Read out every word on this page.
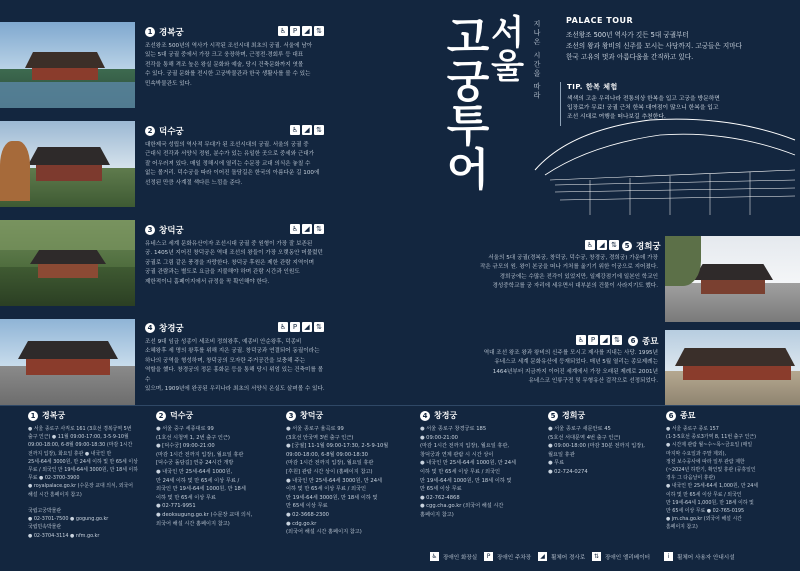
1 경복궁	♿ P	◢ ⇅
조선왕조 500년의 역사가 시작된 조선시대 최초의 궁궐. 서울에 남아
있는 5대 궁궐 중에서 가장 크고 웅장하며, 근정전·경회루 등 대표
전각을 통해 격조 높은 왕실 문화와 예술, 당시 건축문화까지 엿볼
수 있다. 궁궐 문화를 전시한 고궁박물관과 한국 생활사를 볼 수 있는
민속박물관도 있다.
2 덕수궁	♿ ◢ ⇅
대한제국 성립의 역사적 무대가 된 조선시대의 궁궐. 서울의 궁궐 중
근대식 전각과 서양식 정원, 분수가 있는 유일한 곳으로 중세와 근대가
잘 어우러져 있다. 매일 정해시에 열리는 수문장 교대 의식은 놓칠 수
없는 볼거리. 덕수궁을 따라 이어진 돌담길은 한국의 아름다운 길 100에
선정된 만큼 사계절 색다른 느낌을 준다.
3 창덕궁	♿ ◢ ⇅
유네스코 세계 문화유산이자 조선시대 궁궐 중 원형이 가장 잘 보존된
궁. 1405년 지어진 창덕궁은 역대 조선의 왕들이 가장 오랫동안 머물렀던
궁궐로 그림 같은 풍경을 자랑한다. 창덕궁 후원은 제한 관람 지역이며
궁궐 관람과는 별도로 요금을 지불해야 하며 관람 시간과 인원도
제한적이니 홈페이지에서 규정을 꼭 확인해야 한다.
4 창경궁	♿ P	◢ ⇅
조선 9대 임금 성종이 세조비 정희왕후, 예종비 안순왕후, 덕종비
소혜왕후 세 명의 왕후를 위해 지은 궁궐. 창덕궁과 연결되어 동궐이라는
하나의 궁역을 형성하며, 창덕궁의 모자란 주거공간을 보충해 주는
역할을 했다. 창경궁의 정문 홍화문 등을 통해 당시 위엄 있는 건축미를 볼 수
있으며, 1909년에 완공된 우리나라 최초의 서양식 온실도 살펴볼 수 있다.
서울
고궁투어	지나온 시간을 따라	PALACE TOUR
조선왕조 500년 역사가 깃든 5대 궁궐부터
조선의 왕과 왕비의 신주를 모시는 사당까지. 고궁들은 지마다
한국 고유의 멋과 아름다움을 간직하고 있다.
TIP. 한복 체험
색색의 고운 우리나라 전통의상 한복을 입고 고궁을 방문하면
입장료가 무료! 궁궐 근처 한복 대여점이 많으니 한복을 입고
조선 시대로 여행을 떠나보길 추천한다.
서울의 5대 궁궐(경복궁, 창덕궁, 덕수궁, 창경궁, 경희궁) 가운데 가장
작은 규모의 원. 왕이 본궁을 떠나 거처를 옮기기 위한 이궁으로 지어졌다.
경희궁에는 수많은 전각이 있었지만, 일제강점기에 일본인 학교인
경성중학교를 궁 자리에 세우면서 대부분의 건물이 사라지기도 했다.
5 경희궁
♿ ◢ ⇅
역대 조선 왕조 왕과 왕비의 신주를 모시고 제사를 지내는 사당. 1995년
유네스코 세계 문화유산에 등재되었다. 매년 5월 열리는 종묘제례는
1464년부터 지금까지 이어진 세계에서 가장 오래된 제례로 2001년
유네스코 인류구전 및 무형유산 걸작으로 선정되었다.
6 종묘
♿ P	◢ ⇅
1 경복궁
● 서울 종로구 사직로 161 (3호선 경복궁역 5번
출구 인근) ● 11월 09:00-17:00, 3-5·9-10월
09:00-18:00, 6-8월 09:00-18:30 (마감 1시간
전까지 입장), 화요일 휴관 ● 내국인 만
25세-64세 3000원, 만 24세 이하 및 만 65세 이상
무료 / 외국인 만 19세-64세 3000원, 만 18세 이하
무료 ● 02-3700-3900
● royalpalace.go.kr (수문장 교대 의식, 외국어
해설 시간 홈페이지 참고)

국립고궁박물관
● 02-3701-7500 ● gogung.go.kr
국립민속박물관
● 02-3704-3114 ● nfm.go.kr
2 덕수궁
● 서울 중구 세종대로 99
(1호선 시청역 1, 2번 출구 인근)
● [덕수궁] 09:00-21:00
(마감 1시간 전까지 입장), 월요일 휴관
[덕수궁 돌담길] 연중 24시간 개방
● 내국인 만 25세-64세 1000원,
만 24세 이하 및 만 65세 이상 무료 /
외국인 만 19세-64세 1000원, 만 18세
이하 및 만 65세 이상 무료
● 02-771-9951
● deoksugung.go.kr (수문장 교대 의식,
외국어 해설 시간 홈페이지 참고)
3 창덕궁
● 서울 종로구 율곡로 99
(3호선 안국역 3번 출구 인근)
● [궁궐] 11-1월 09:00-17:30, 2-5·9-10월
09:00-18:00, 6-8월 09:00-18:30
(마감 1시간 전까지 입장), 월요일 휴관
[후원] 관람 시간 상이 (홈페이지 참고)
● 내국인 만 25세-64세 3000원, 만 24세
이하 및 만 65세 이상 무료 / 외국인
만 19세-64세 3000원, 만 18세 이하 및
만 65세 이상 무료
● 02-3668-2300
● cdg.go.kr
(외국어 해설 시간 홈페이지 참고)
4 창경궁
● 서울 종로구 창경궁로 185
● 09:00-21:00
(마감 1시간 전까지 입장), 월요일 휴관,
창덕궁과 연계 관람 시 시간 상이
● 내국인 만 25세-64세 1000원, 만 24세
이하 및 만 65세 이상 무료 / 외국인
만 19세-64세 1000원, 만 18세 이하 및
만 65세 이상 무료
● 02-762-4868
● cgg.cha.go.kr (외국어 해설 시간
홈페이지 참고)
5 경희궁
● 서울 종로구 새문안로 45
(5호선 서대문역 4번 출구 인근)
● 09:00-18:00 (마감 30분 전까지 입장),
월요일 휴관
● 무료
● 02-724-0274
6 종묘
● 서울 종로구 종로 157
(1·3·5호선 종로3가역 8, 11번 출구 인근)
● 시간제 관람 월~수~목~금요일 (매일
마지막 수요일과 주말 제외),
정전 보수공사에 따라 일부 관람 제한
(~2024년 하반기, 확인및 휴관 (공휴일인
경우 그 다음날이 휴관)
● 내국인 만 25세-64세 1,000원, 만 24세
이하 및 만 65세 이상 무료 / 외국인
만 19세-64세 1,000원, 만 18세 이하 및
만 65세 이상 무료 ● 02-765-0195
● jm.cha.go.kr (외국어 해설 시간
홈페이지 참고)
♿	장애인 화장실	P	장애인 주차장	◢	휠체어 경사로	⇅	장애인 엘리베이터	i	휠체어 사용자 안내시설
